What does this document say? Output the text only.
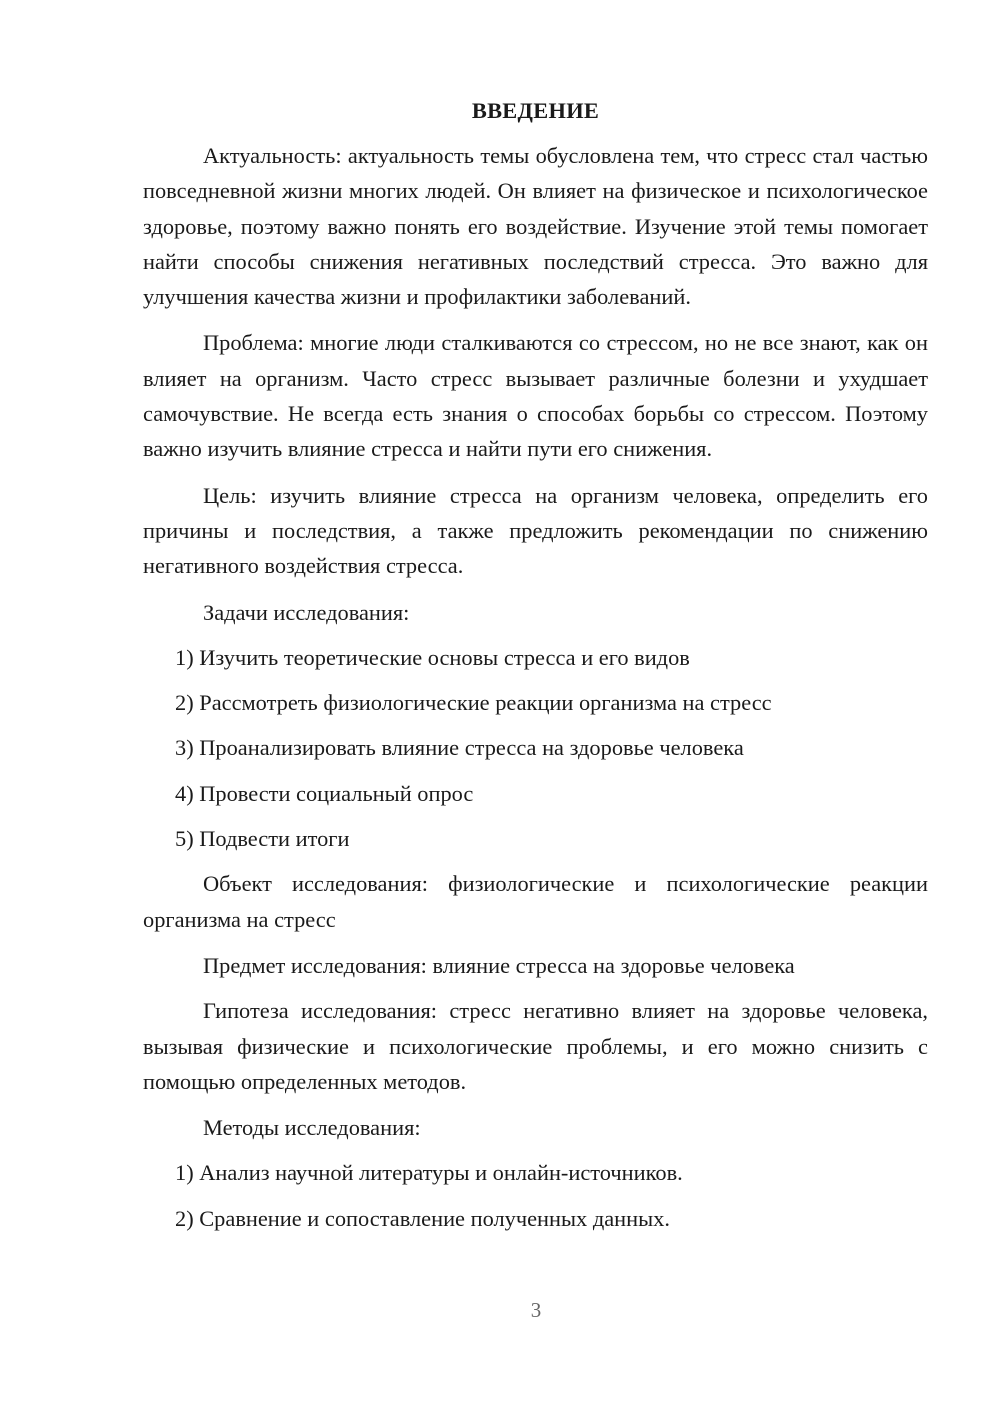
ВВЕДЕНИЕ

Актуальность: актуальность темы обусловлена тем, что стресс стал частью повседневной жизни многих людей. Он влияет на физическое и психологическое здоровье, поэтому важно понять его воздействие. Изучение этой темы помогает найти способы снижения негативных последствий стресса. Это важно для улучшения качества жизни и профилактики заболеваний.

Проблема: многие люди сталкиваются со стрессом, но не все знают, как он влияет на организм. Часто стресс вызывает различные болезни и ухудшает самочувствие. Не всегда есть знания о способах борьбы со стрессом. Поэтому важно изучить влияние стресса и найти пути его снижения.

Цель: изучить влияние стресса на организм человека, определить его причины и последствия, а также предложить рекомендации по снижению негативного воздействия стресса.

Задачи исследования:

1) Изучить теоретические основы стресса и его видов

2) Рассмотреть физиологические реакции организма на стресс

3) Проанализировать влияние стресса на здоровье человека

4) Провести социальный опрос

5) Подвести итоги

Объект исследования: физиологические и психологические реакции организма на стресс

Предмет исследования: влияние стресса на здоровье человека

Гипотеза исследования: стресс негативно влияет на здоровье человека, вызывая физические и психологические проблемы, и его можно снизить с помощью определенных методов.

Методы исследования:

1) Анализ научной литературы и онлайн-источников.

2) Сравнение и сопоставление полученных данных.

3
